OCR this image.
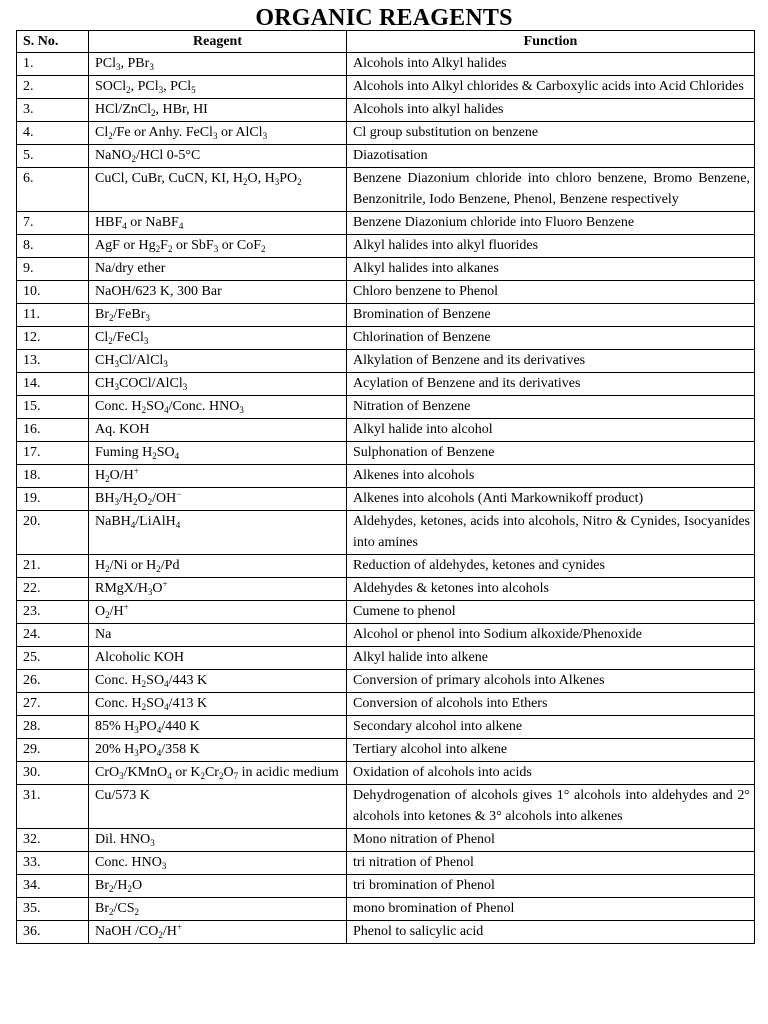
ORGANIC REAGENTS
S. No.	Reagent	Function
1.	PCl$_3$, PBr$_3$	Alcohols into Alkyl halides
2.	SOCl$_2$, PCl$_3$, PCl$_5$	Alcohols into Alkyl chlorides & Carboxylic acids into Acid Chlorides
3.	HCl/ZnCl$_2$, HBr, HI	Alcohols into alkyl halides
4.	$Cl_2/Fe$ or Anhy. FeCl$_3$ or AlCl$_3$	Cl group substitution on benzene
5.	NaNO$_2$/HCl 0-5°C	Diazotisation
6.	CuCl, CuBr, CuCN, KI, $H_2O$, $H_3PO_2$	Benzene Diazonium chloride into chloro benzene, Bromo Benzene, Benzonitrile, Iodo Benzene, Phenol, Benzene respectively
7.	$HBF_4$ or NaBF$_4$	Benzene Diazonium chloride into Fluoro Benzene
8.	AgF or $Hg_2F_2$ or SbF$_3$ or CoF$_2$	Alkyl halides into alkyl fluorides
9.	Na/dry ether	Alkyl halides into alkanes
10.	NaOH/623 K, 300 Bar	Chloro benzene to Phenol
11.	$Br_2/FeBr_3$	Bromination of Benzene
12.	$Cl_2/FeCl_3$	Chlorination of Benzene
13.	$CH_3Cl/AlCl_3$	Alkylation of Benzene and its derivatives
14.	$CH_3COCl/AlCl_3$	Acylation of Benzene and its derivatives
15.	Conc. $H_2SO_4$/Conc. $HNO_3$	Nitration of Benzene
16.	Aq. KOH	Alkyl halide into alcohol
17.	Fuming $H_2SO_4$	Sulphonation of Benzene
18.	$H_2O/H^+$	Alkenes into alcohols
19.	$BH_3/H_2O_2/OH^-$	Alkenes into alcohols (Anti Markownikoff product)
20.	NaBH$_4$/LiAlH$_4$	Aldehydes, ketones, acids into alcohols, Nitro & Cynides, Isocyanides into amines
21.	$H_2/Ni$ or $H_2/Pd$	Reduction of aldehydes, ketones and cynides
22.	RMgX/$H_3O^+$	Aldehydes & ketones into alcohols
23.	$O_2/H^+$	Cumene to phenol
24.	Na	Alcohol or phenol into Sodium alkoxide/Phenoxide
25.	Alcoholic KOH	Alkyl halide into alkene
26.	Conc. $H_2SO_4/443$ K	Conversion of primary alcohols into Alkenes
27.	Conc. $H_2SO_4/413$ K	Conversion of alcohols into Ethers
28.	85% $H_3PO_4/440$ K	Secondary alcohol into alkene
29.	20% $H_3PO_4/358$ K	Tertiary alcohol into alkene
30.	CrO$_3$/KMnO$_4$ or $K_2Cr_2O_7$ in acidic medium	Oxidation of alcohols into acids
31.	Cu/573 K	Dehydrogenation of alcohols gives 1° alcohols into aldehydes and 2° alcohols into ketones & 3° alcohols into alkenes
32.	Dil. $HNO_3$	Mono nitration of Phenol
33.	Conc. $HNO_3$	tri nitration of Phenol
34.	$Br_2/H_2O$	tri bromination of Phenol
35.	$Br_2/CS_2$	mono bromination of Phenol
36.	NaOH $/CO_2/H^+$	Phenol to salicylic acid
